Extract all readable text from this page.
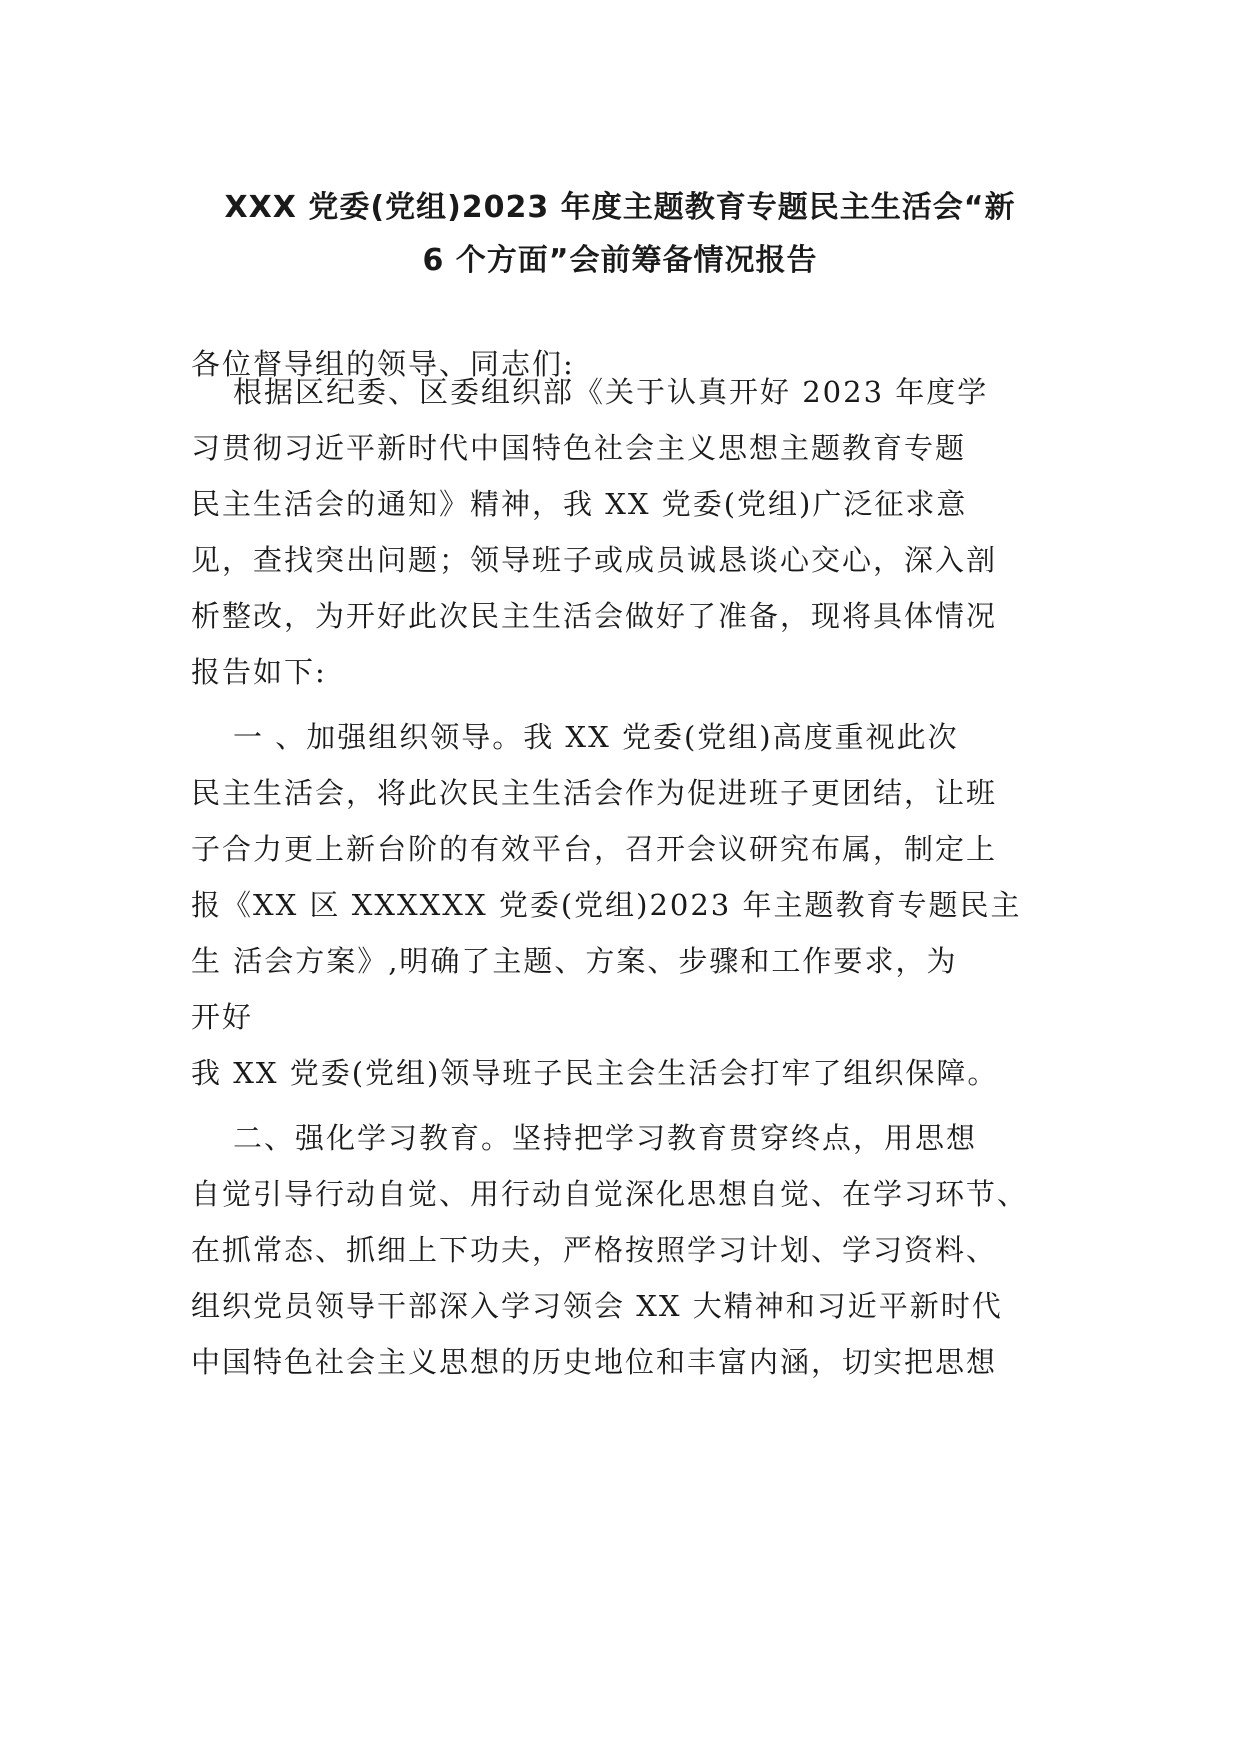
XXX 党委(党组)2023 年度主题教育专题民主生活会“新
6 个方面”会前筹备情况报告

各位督导组的领导、同志们:

根据区纪委、区委组织部《关于认真开好 2023 年度学

习贯彻习近平新时代中国特色社会主义思想主题教育专题

民主生活会的通知》精神，我 XX 党委(党组)广泛征求意

见，查找突出问题；领导班子或成员诚恳谈心交心，深入剖

析整改，为开好此次民主生活会做好了准备，现将具体情况

报告如下:

一 、加强组织领导。我 XX 党委(党组)高度重视此次

民主生活会，将此次民主生活会作为促进班子更团结，让班

子合力更上新台阶的有效平台，召开会议研究布属，制定上

报《XX 区 XXXXXX 党委(党组)2023 年主题教育专题民主

生 活会方案》,明确了主题、方案、步骤和工作要求，为

开好

我 XX 党委(党组)领导班子民主会生活会打牢了组织保障。

二、强化学习教育。坚持把学习教育贯穿终点，用思想

自觉引导行动自觉、用行动自觉深化思想自觉、在学习环节、

在抓常态、抓细上下功夫，严格按照学习计划、学习资料、

组织党员领导干部深入学习领会 XX 大精神和习近平新时代

中国特色社会主义思想的历史地位和丰富内涵，切实把思想
